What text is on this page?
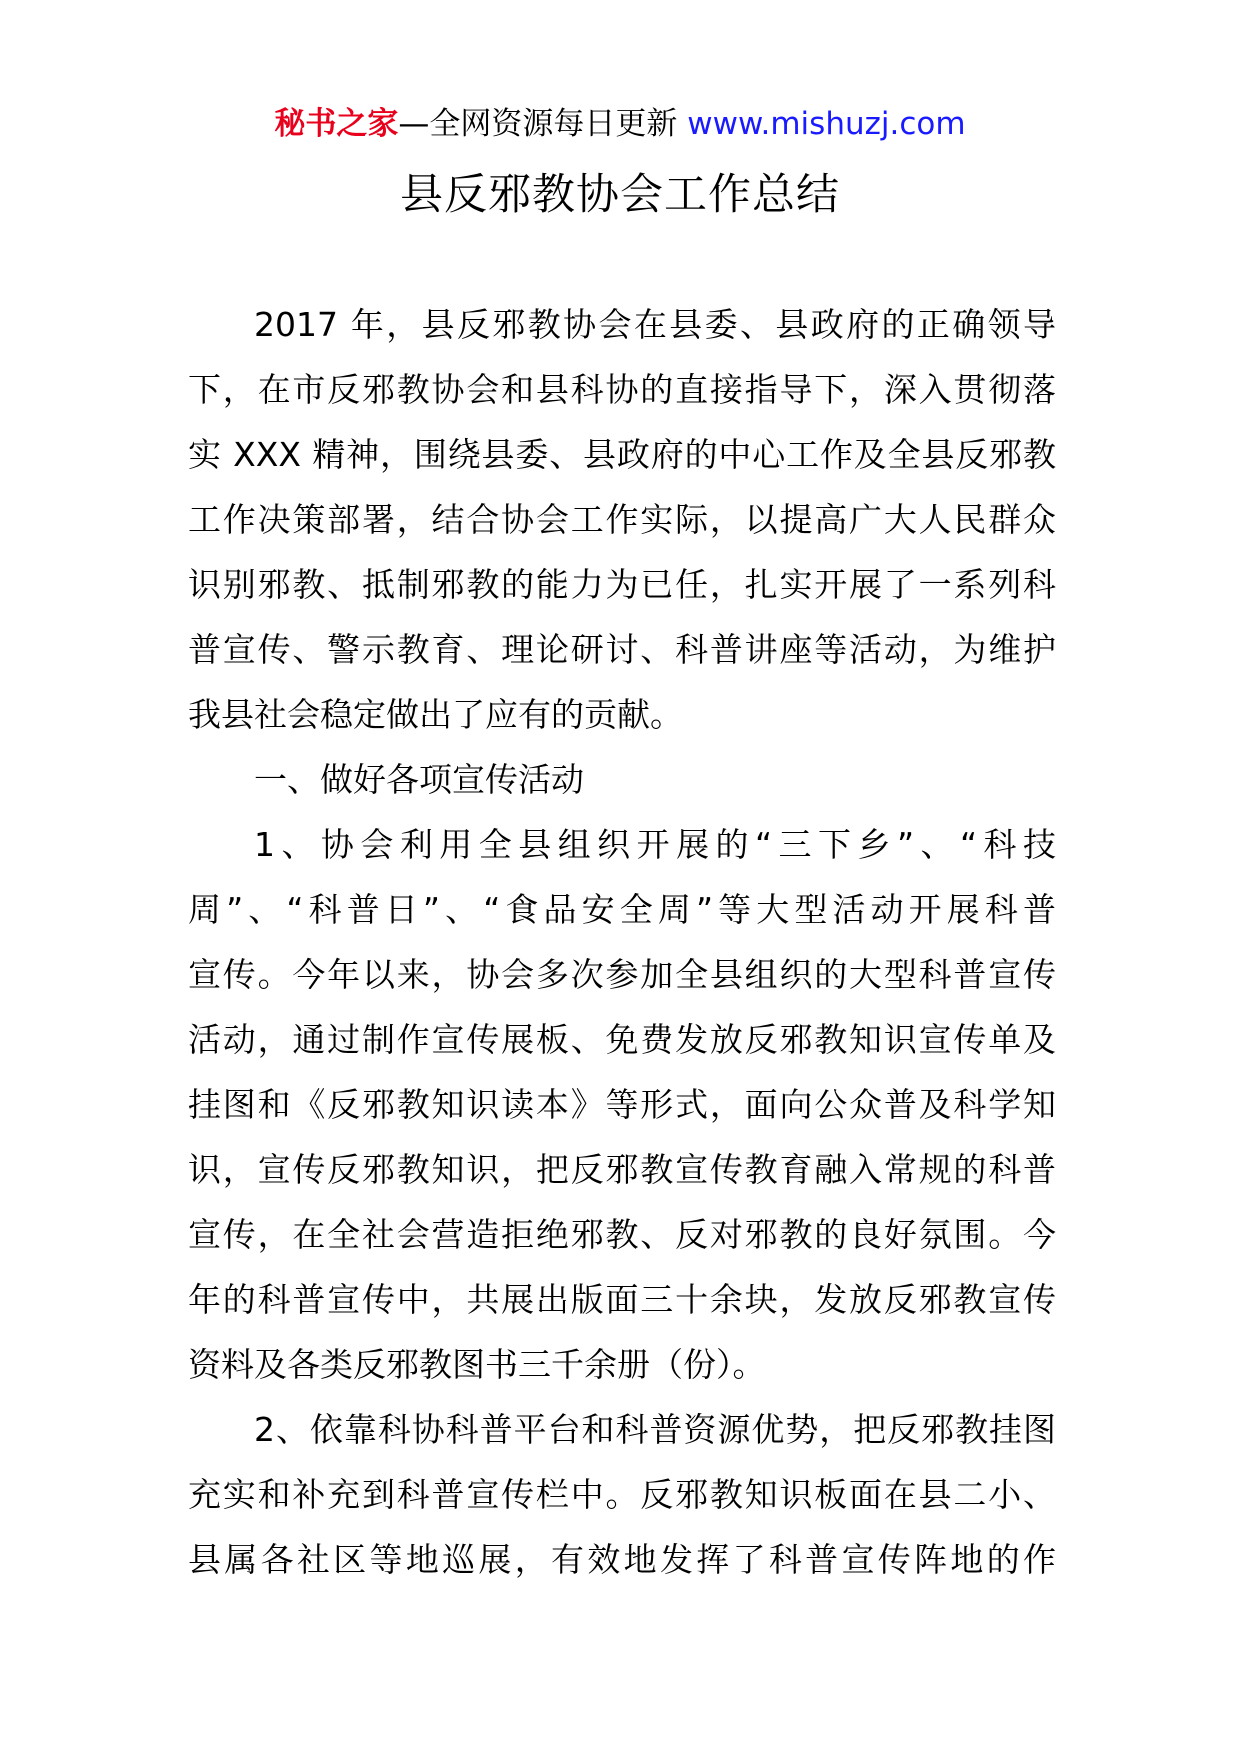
秘书之家—全网资源每日更新 www.mishuzj.com
县反邪教协会工作总结
2017 年，县反邪教协会在县委、县政府的正确领导
下，在市反邪教协会和县科协的直接指导下，深入贯彻落
实 XXX 精神，围绕县委、县政府的中心工作及全县反邪教
工作决策部署，结合协会工作实际，以提高广大人民群众
识别邪教、抵制邪教的能力为已任，扎实开展了一系列科
普宣传、警示教育、理论研讨、科普讲座等活动，为维护
我县社会稳定做出了应有的贡献。
一、做好各项宣传活动
1、协会利用全县组织开展的“三下乡”、“科技
周”、“科普日”、“食品安全周”等大型活动开展科普
宣传。今年以来，协会多次参加全县组织的大型科普宣传
活动，通过制作宣传展板、免费发放反邪教知识宣传单及
挂图和《反邪教知识读本》等形式，面向公众普及科学知
识，宣传反邪教知识，把反邪教宣传教育融入常规的科普
宣传，在全社会营造拒绝邪教、反对邪教的良好氛围。今
年的科普宣传中，共展出版面三十余块，发放反邪教宣传
资料及各类反邪教图书三千余册（份）。
2、依靠科协科普平台和科普资源优势，把反邪教挂图
充实和补充到科普宣传栏中。反邪教知识板面在县二小、
县属各社区等地巡展，有效地发挥了科普宣传阵地的作
